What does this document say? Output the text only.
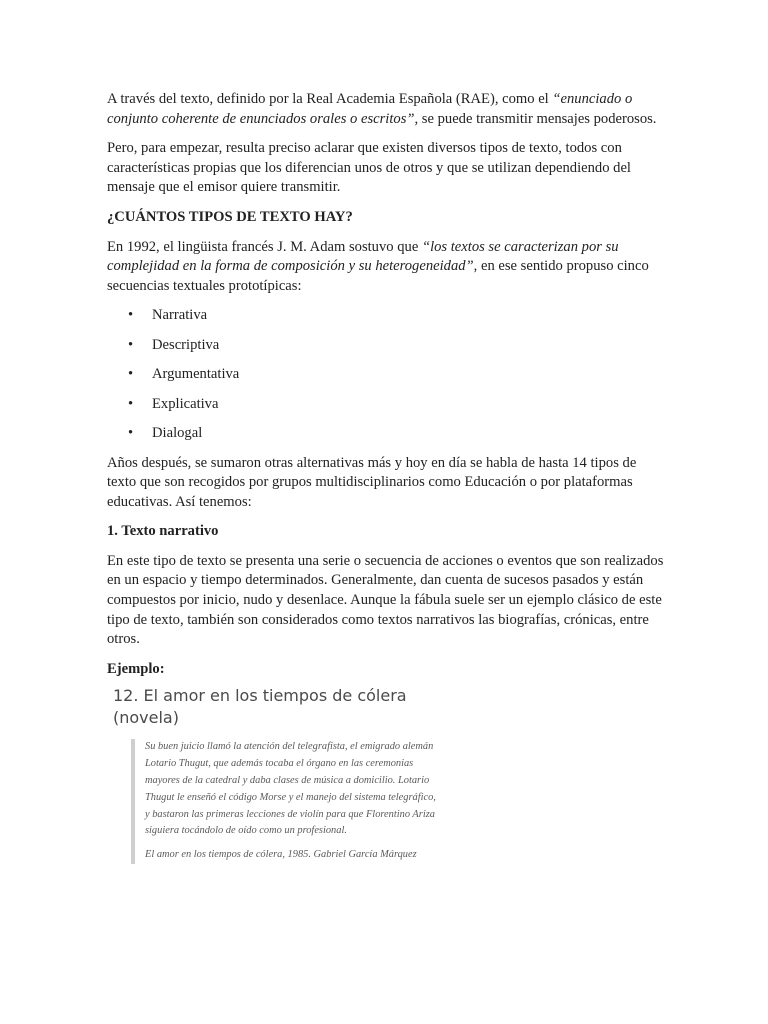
A través del texto, definido por la Real Academia Española (RAE), como el “enunciado o conjunto coherente de enunciados orales o escritos”, se puede transmitir mensajes poderosos.

Pero, para empezar, resulta preciso aclarar que existen diversos tipos de texto, todos con características propias que los diferencian unos de otros y que se utilizan dependiendo del mensaje que el emisor quiere transmitir.

¿CUÁNTOS TIPOS DE TEXTO HAY?

En 1992, el lingüista francés J. M. Adam sostuvo que “los textos se caracterizan por su complejidad en la forma de composición y su heterogeneidad”, en ese sentido propuso cinco secuencias textuales prototípicas:

• Narrativa
• Descriptiva
• Argumentativa
• Explicativa
• Dialogal

Años después, se sumaron otras alternativas más y hoy en día se habla de hasta 14 tipos de texto que son recogidos por grupos multidisciplinarios como Educación o por plataformas educativas. Así tenemos:

1. Texto narrativo

En este tipo de texto se presenta una serie o secuencia de acciones o eventos que son realizados en un espacio y tiempo determinados. Generalmente, dan cuenta de sucesos pasados y están compuestos por inicio, nudo y desenlace. Aunque la fábula suele ser un ejemplo clásico de este tipo de texto, también son considerados como textos narrativos las biografías, crónicas, entre otros.

Ejemplo:
12. El amor en los tiempos de cólera (novela)

Su buen juicio llamó la atención del telegrafista, el emigrado alemán Lotario Thugut, que además tocaba el órgano en las ceremonias mayores de la catedral y daba clases de música a domicilio. Lotario Thugut le enseñó el código Morse y el manejo del sistema telegráfico, y bastaron las primeras lecciones de violín para que Florentino Ariza siguiera tocándolo de oído como un profesional.

El amor en los tiempos de cólera, 1985. Gabriel García Márquez
